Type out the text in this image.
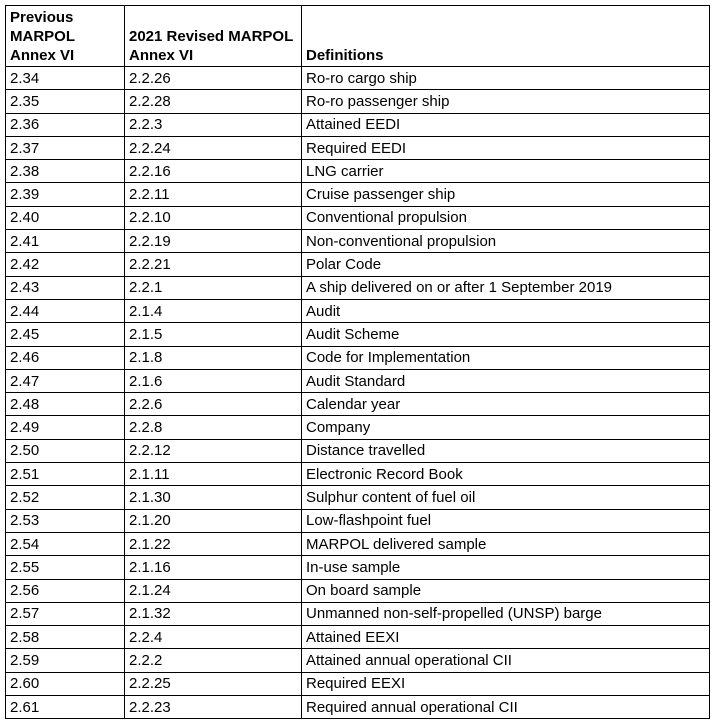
Previous MARPOL Annex VI	2021 Revised MARPOL Annex VI	Definitions
2.34	2.2.26	Ro-ro cargo ship
2.35	2.2.28	Ro-ro passenger ship
2.36	2.2.3	Attained EEDI
2.37	2.2.24	Required EEDI
2.38	2.2.16	LNG carrier
2.39	2.2.11	Cruise passenger ship
2.40	2.2.10	Conventional propulsion
2.41	2.2.19	Non-conventional propulsion
2.42	2.2.21	Polar Code
2.43	2.2.1	A ship delivered on or after 1 September 2019
2.44	2.1.4	Audit
2.45	2.1.5	Audit Scheme
2.46	2.1.8	Code for Implementation
2.47	2.1.6	Audit Standard
2.48	2.2.6	Calendar year
2.49	2.2.8	Company
2.50	2.2.12	Distance travelled
2.51	2.1.11	Electronic Record Book
2.52	2.1.30	Sulphur content of fuel oil
2.53	2.1.20	Low-flashpoint fuel
2.54	2.1.22	MARPOL delivered sample
2.55	2.1.16	In-use sample
2.56	2.1.24	On board sample
2.57	2.1.32	Unmanned non-self-propelled (UNSP) barge
2.58	2.2.4	Attained EEXI
2.59	2.2.2	Attained annual operational CII
2.60	2.2.25	Required EEXI
2.61	2.2.23	Required annual operational CII
